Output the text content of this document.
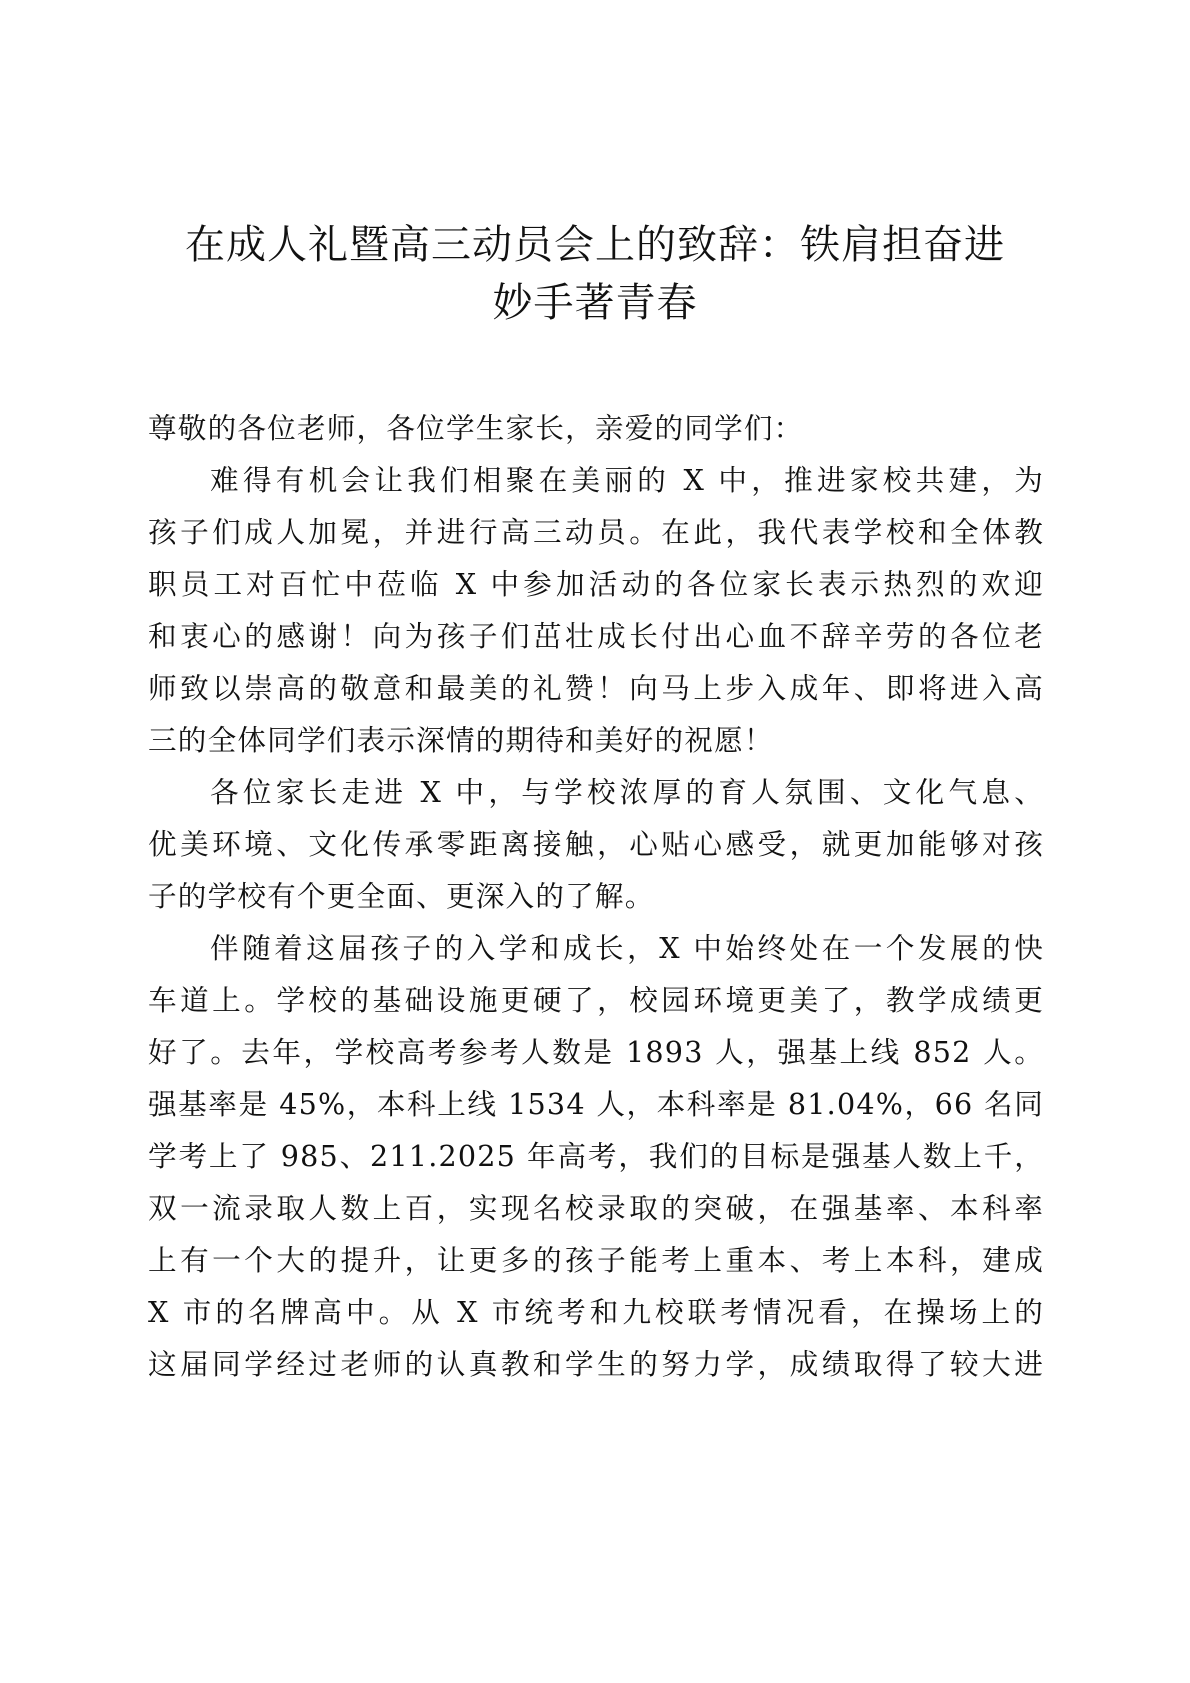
在成人礼暨高三动员会上的致辞：铁肩担奋进
妙手著青春
尊敬的各位老师，各位学生家长，亲爱的同学们：
难得有机会让我们相聚在美丽的 X 中，推进家校共建，为
孩子们成人加冕，并进行高三动员。在此，我代表学校和全体教
职员工对百忙中莅临 X 中参加活动的各位家长表示热烈的欢迎
和衷心的感谢！向为孩子们茁壮成长付出心血不辞辛劳的各位老
师致以崇高的敬意和最美的礼赞！向马上步入成年、即将进入高
三的全体同学们表示深情的期待和美好的祝愿！
各位家长走进 X 中，与学校浓厚的育人氛围、文化气息、
优美环境、文化传承零距离接触，心贴心感受，就更加能够对孩
子的学校有个更全面、更深入的了解。
伴随着这届孩子的入学和成长，X 中始终处在一个发展的快
车道上。学校的基础设施更硬了，校园环境更美了，教学成绩更
好了。去年，学校高考参考人数是 1893 人，强基上线 852 人。
强基率是 45%，本科上线 1534 人，本科率是 81.04%，66 名同
学考上了 985、211.2025 年高考，我们的目标是强基人数上千，
双一流录取人数上百，实现名校录取的突破，在强基率、本科率
上有一个大的提升，让更多的孩子能考上重本、考上本科，建成
X 市的名牌高中。从 X 市统考和九校联考情况看，在操场上的
这届同学经过老师的认真教和学生的努力学，成绩取得了较大进
